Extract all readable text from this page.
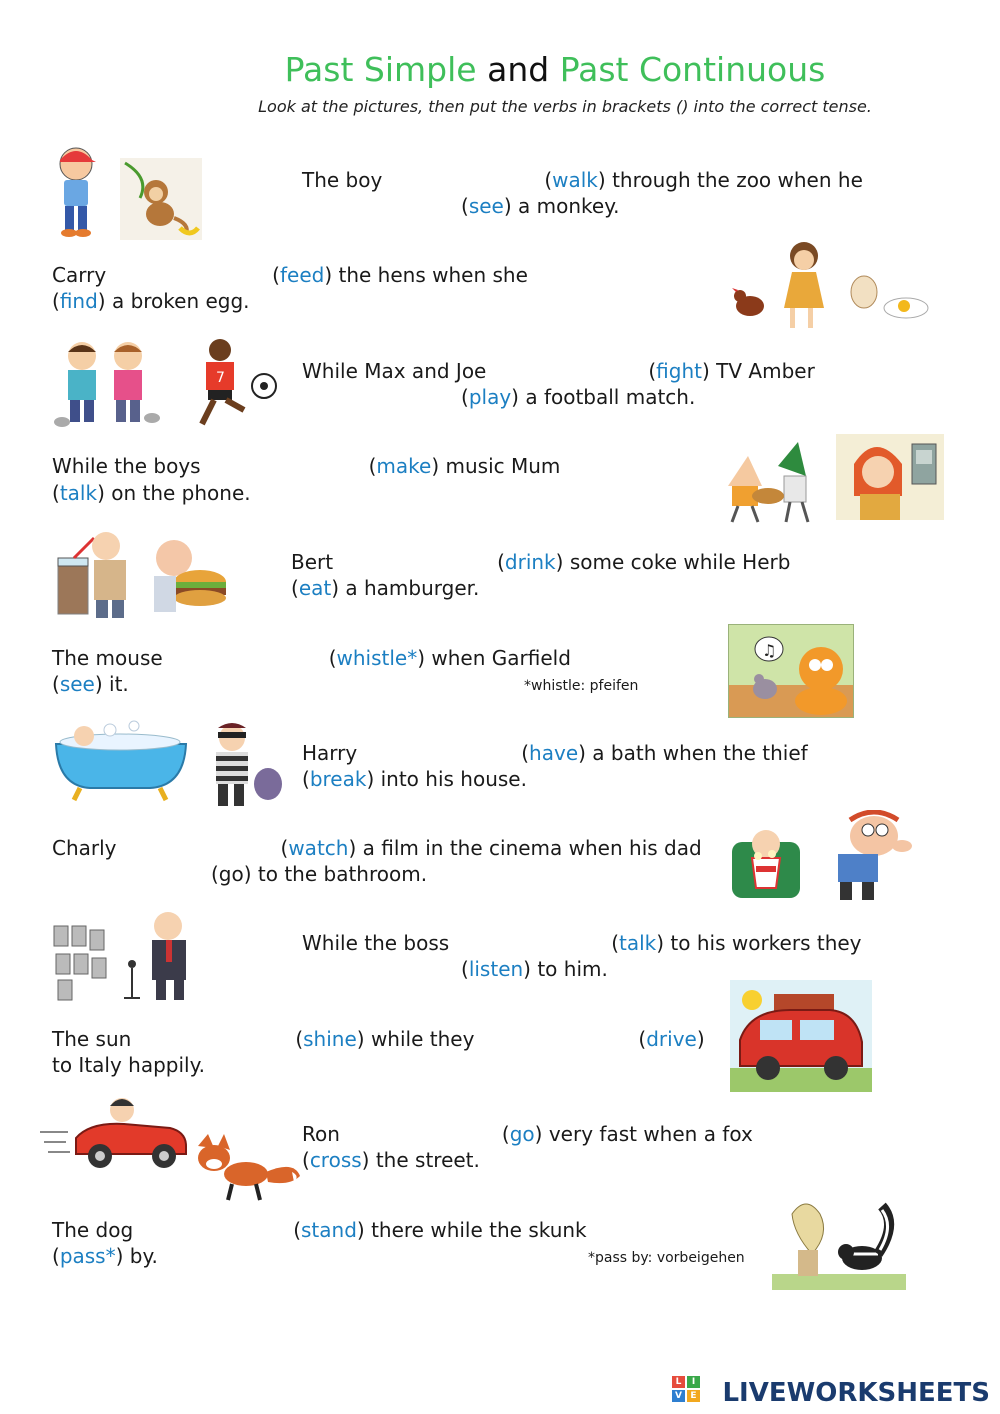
Past Simple and Past Continuous
Look at the pictures, then put the verbs in brackets () into the correct tense.
The boy	(walk) through the zoo when he
(see) a monkey.
Carry	(feed) the hens when she
(find) a broken egg.
7	While Max and Joe	(fight) TV Amber
(play) a football match.
While the boys	(make) music Mum
(talk) on the phone.
Bert	(drink) some coke while Herb
(eat) a hamburger.
The mouse	(whistle*) when Garfield
(see) it.	*whistle: pfeifen
♫
Harry	(have) a bath when the thief
(break) into his house.
Charly	(watch) a film in the cinema when his dad
(go) to the bathroom.
While the boss	(talk) to his workers they
(listen) to him.
The sun	(shine) while they	(drive)
to Italy happily.
Ron	(go) very fast when a fox
(cross) the street.
The dog	(stand) there while the skunk
(pass*) by.	*pass by: vorbeigehen
L	I
V E LIVEWORKSHEETS
